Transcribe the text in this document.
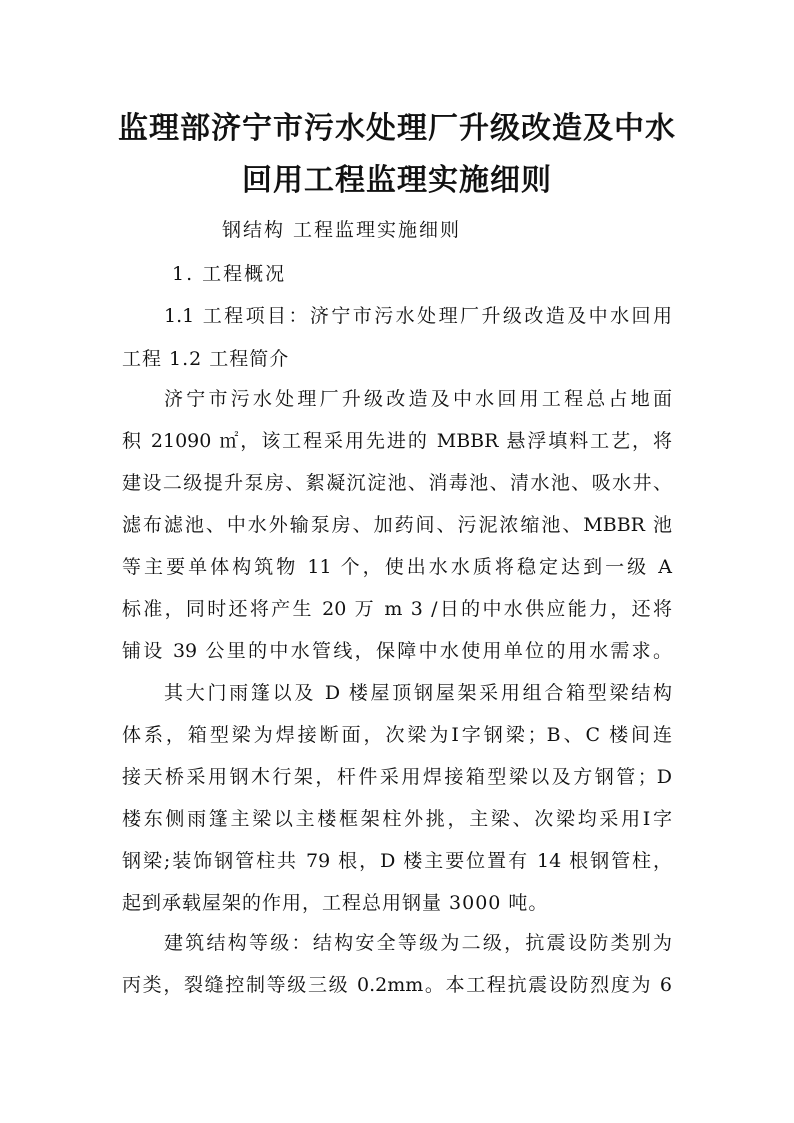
监理部济宁市污水处理厂升级改造及中水
回用工程监理实施细则
钢结构 工程监理实施细则
1. 工程概况
1.1 工程项目：济宁市污水处理厂升级改造及中水回用
工程 1.2 工程简介
济宁市污水处理厂升级改造及中水回用工程总占地面
积 21090 ㎡，该工程采用先进的 MBBR 悬浮填料工艺，将
建设二级提升泵房、絮凝沉淀池、消毒池、清水池、吸水井、
滤布滤池、中水外输泵房、加药间、污泥浓缩池、MBBR 池
等主要单体构筑物 11 个，使出水水质将稳定达到一级 A
标准，同时还将产生 20 万 m 3 /日的中水供应能力，还将
铺设 39 公里的中水管线，保障中水使用单位的用水需求。
其大门雨篷以及 D 楼屋顶钢屋架采用组合箱型梁结构
体系，箱型梁为焊接断面，次梁为Ⅰ字钢梁；B、C 楼间连
接天桥采用钢木行架，杆件采用焊接箱型梁以及方钢管；D
楼东侧雨篷主梁以主楼框架柱外挑，主梁、次梁均采用Ⅰ字
钢梁;装饰钢管柱共 79 根，D 楼主要位置有 14 根钢管柱，
起到承载屋架的作用，工程总用钢量 3000 吨。
建筑结构等级：结构安全等级为二级，抗震设防类别为
丙类，裂缝控制等级三级 0.2mm。本工程抗震设防烈度为 6
